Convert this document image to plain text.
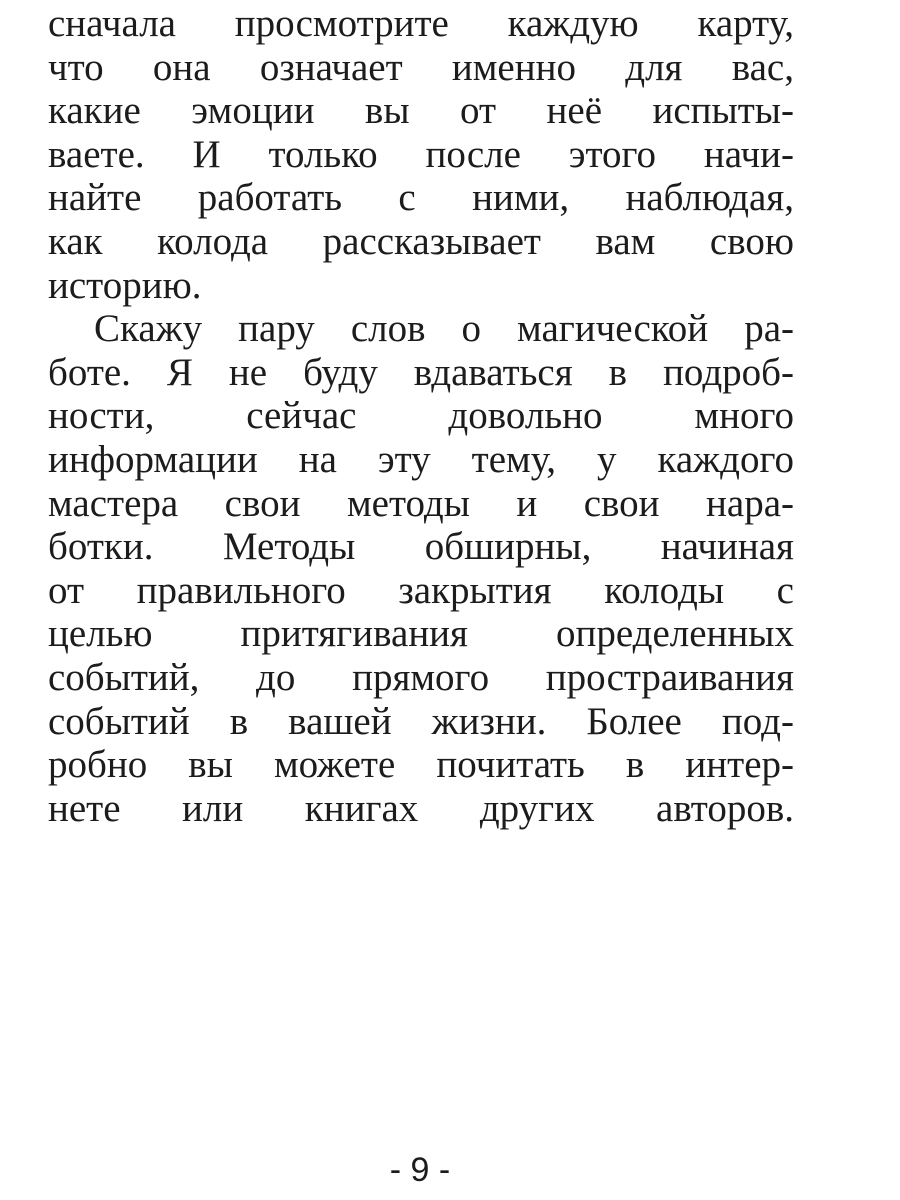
сначала просмотрите каждую карту,
что она означает именно для вас,
какие эмоции вы от неё испыты-
ваете. И только после этого начи-
найте работать с ними, наблюдая,
как колода рассказывает вам свою
историю.

Скажу пару слов о магической ра-
боте. Я не буду вдаваться в подроб-
ности, сейчас довольно много
информации на эту тему, у каждого
мастера свои методы и свои нара-
ботки. Методы обширны, начиная
от правильного закрытия колоды с
целью притягивания определенных
событий, до прямого простраивания
событий в вашей жизни. Более под-
робно вы можете почитать в интер-
нете или книгах других авторов.

- 9 -
